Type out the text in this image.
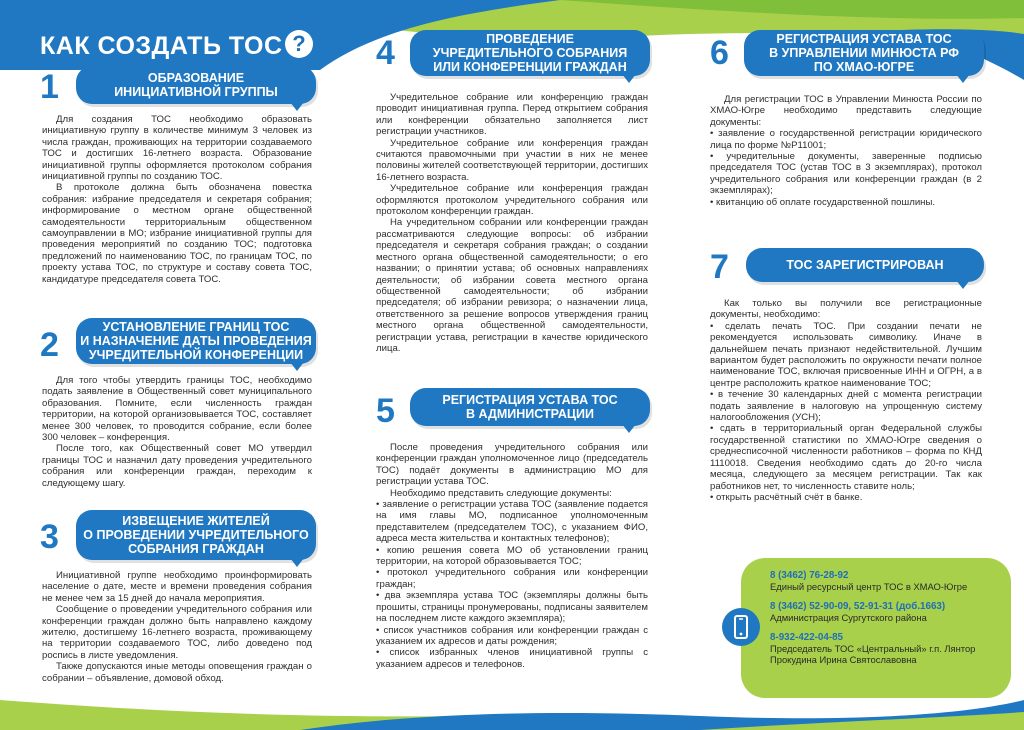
КАК СОЗДАТЬ ТОС ?
1	ОБРАЗОВАНИЕ
ИНИЦИАТИВНОЙ ГРУППЫ

Для создания ТОС необходимо образовать инициативную группу в количестве минимум 3 человек из числа граждан, проживающих на территории создаваемого ТОС и достигших 16-летнего возраста. Образование инициативной группы оформляется протоколом собрания инициативной группы по созданию ТОС.

В протоколе должна быть обозначена повестка собрания: избрание председателя и секретаря собрания; информирование о местном органе общественной самодеятельности территориальным общественном самоуправлении в МО; избрание инициативной группы для проведения мероприятий по созданию ТОС; подготовка предложений по наименованию ТОС, по границам ТОС, по проекту устава ТОС, по структуре и составу совета ТОС, кандидатуре председателя совета ТОС.

2	УСТАНОВЛЕНИЕ ГРАНИЦ ТОС
И НАЗНАЧЕНИЕ ДАТЫ ПРОВЕДЕНИЯ
УЧРЕДИТЕЛЬНОЙ КОНФЕРЕНЦИИ

Для того чтобы утвердить границы ТОС, необходимо подать заявление в Общественный совет муниципального образования. Помните, если численность граждан территории, на которой организовывается ТОС, составляет менее 300 человек, то проводится собрание, если более 300 человек – конференция.

После того, как Общественный совет МО утвердил границы ТОС и назначил дату проведения учредительного собрания или конференции граждан, переходим к следующему шагу.

3	ИЗВЕЩЕНИЕ ЖИТЕЛЕЙ
О ПРОВЕДЕНИИ УЧРЕДИТЕЛЬНОГО
СОБРАНИЯ ГРАЖДАН

Инициативной группе необходимо проинформировать население о дате, месте и времени проведения собрания не менее чем за 15 дней до начала мероприятия.

Сообщение о проведении учредительного собрания или конференции граждан должно быть направлено каждому жителю, достигшему 16-летнего возраста, проживающему на территории создаваемого ТОС, либо доведено под роспись в листе уведомления.

Также допускаются иные методы оповещения граждан о собрании – объявление, домовой обход.

4	ПРОВЕДЕНИЕ
УЧРЕДИТЕЛЬНОГО СОБРАНИЯ
ИЛИ КОНФЕРЕНЦИИ ГРАЖДАН

Учредительное собрание или конференцию граждан проводит инициативная группа. Перед открытием собрания или конференции обязательно заполняется лист регистрации участников.

Учредительное собрание или конференция граждан считаются правомочными при участии в них не менее половины жителей соответствующей территории, достигших 16-летнего возраста.

Учредительное собрание или конференция граждан оформляются протоколом учредительного собрания или протоколом конференции граждан.

На учредительном собрании или конференции граждан рассматриваются следующие вопросы: об избрании председателя и секретаря собрания граждан; о создании местного органа общественной самодеятельности; о его названии; о принятии устава; об основных направлениях деятельности; об избрании совета местного органа общественной самодеятельности; об избрании председателя; об избрании ревизора; о назначении лица, ответственного за решение вопросов утверждения границ местного органа общественной самодеятельности, регистрации устава, регистрации в качестве юридического лица.

5	РЕГИСТРАЦИЯ УСТАВА ТОС
В АДМИНИСТРАЦИИ

После проведения учредительного собрания или конференции граждан уполномоченное лицо (председатель ТОС) подаёт документы в администрацию МО для регистрации устава ТОС.

Необходимо представить следующие документы:

• заявление о регистрации устава ТОС (заявление подается на имя главы МО, подписанное уполномоченным представителем (председателем ТОС), с указанием ФИО, адреса места жительства и контактных телефонов);

• копию решения совета МО об установлении границ территории, на которой образовывается ТОС;

• протокол учредительного собрания или конференции граждан;

• два экземпляра устава ТОС (экземпляры должны быть прошиты, страницы пронумерованы, подписаны заявителем на последнем листе каждого экземпляра);

• список участников собрания или конференции граждан с указанием их адресов и даты рождения;

• список избранных членов инициативной группы с указанием адресов и телефонов.

6	РЕГИСТРАЦИЯ УСТАВА ТОС
В УПРАВЛЕНИИ МИНЮСТА РФ
ПО ХМАО-ЮГРЕ

Для регистрации ТОС в Управлении Минюста России по ХМАО-Югре необходимо представить следующие документы:

• заявление о государственной регистрации юридического лица по форме №Р11001;

• учредительные документы, заверенные подписью председателя ТОС (устав ТОС в 3 экземплярах), протокол учредительного собрания или конференции граждан (в 2 экземплярах);

• квитанцию об оплате государственной пошлины.

7	ТОС ЗАРЕГИСТРИРОВАН

Как только вы получили все регистрационные документы, необходимо:

• сделать печать ТОС. При создании печати не рекомендуется использовать символику. Иначе в дальнейшем печать признают недействительной. Лучшим вариантом будет расположить по окружности печати полное наименование ТОС, включая присвоенные ИНН и ОГРН, а в центре расположить краткое наименование ТОС;

• в течение 30 календарных дней с момента регистрации подать заявление в налоговую на упрощенную систему налогообложения (УСН);

• сдать в территориальный орган Федеральной службы государственной статистики по ХМАО-Югре сведения о среднесписочной численности работников – форма по КНД 1110018. Сведения необходимо сдать до 20-го числа месяца, следующего за месяцем регистрации. Так как работников нет, то численность ставите ноль;

• открыть расчётный счёт в банке.

8 (3462) 76-28-92
Единый ресурсный центр ТОС в ХМАО-Югре
8 (3462) 52-90-09, 52-91-31 (доб.1663)
Администрация Сургутского района
8-932-422-04-85
Председатель ТОС «Центральный» г.п. Лянтор Прокудина Ирина Святославовна
